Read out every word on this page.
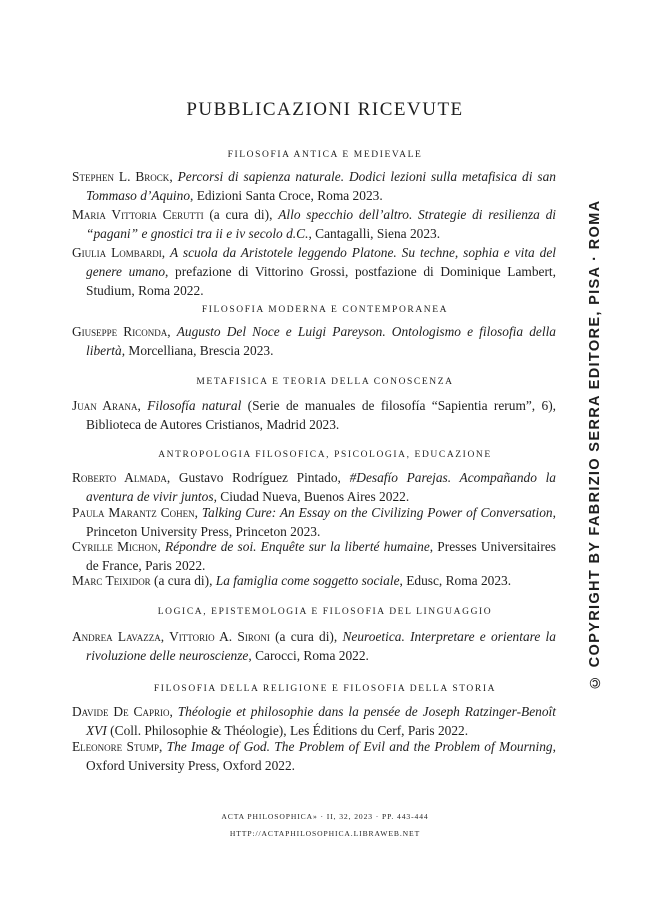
PUBBLICAZIONI RICEVUTE
FILOSOFIA ANTICA E MEDIEVALE
Stephen L. Brock, Percorsi di sapienza naturale. Dodici lezioni sulla metafisica di san Tommaso d’Aquino, Edizioni Santa Croce, Roma 2023.
Maria Vittoria Cerutti (a cura di), Allo specchio dell’altro. Strategie di resilienza di “pagani” e gnostici tra ii e iv secolo d.C., Cantagalli, Siena 2023.
Giulia Lombardi, A scuola da Aristotele leggendo Platone. Su techne, sophia e vita del genere umano, prefazione di Vittorino Grossi, postfazione di Dominique Lambert, Studium, Roma 2022.
FILOSOFIA MODERNA E CONTEMPORANEA
Giuseppe Riconda, Augusto Del Noce e Luigi Pareyson. Ontologismo e filosofia della libertà, Morcelliana, Brescia 2023.
METAFISICA E TEORIA DELLA CONOSCENZA
Juan Arana, Filosofía natural (Serie de manuales de filosofía “Sapientia rerum”, 6), Biblioteca de Autores Cristianos, Madrid 2023.
ANTROPOLOGIA FILOSOFICA, PSICOLOGIA, EDUCAZIONE
Roberto Almada, Gustavo Rodríguez Pintado, #Desafío Parejas. Acompañando la aventura de vivir juntos, Ciudad Nueva, Buenos Aires 2022.
Paula Marantz Cohen, Talking Cure: An Essay on the Civilizing Power of Conversation, Princeton University Press, Princeton 2023.
Cyrille Michon, Répondre de soi. Enquête sur la liberté humaine, Presses Universitaires de France, Paris 2022.
Marc Teixidor (a cura di), La famiglia come soggetto sociale, Edusc, Roma 2023.
LOGICA, EPISTEMOLOGIA E FILOSOFIA DEL LINGUAGGIO
Andrea Lavazza, Vittorio A. Sironi (a cura di), Neuroetica. Interpretare e orientare la rivoluzione delle neuroscienze, Carocci, Roma 2022.
FILOSOFIA DELLA RELIGIONE E FILOSOFIA DELLA STORIA
Davide De Caprio, Théologie et philosophie dans la pensée de Joseph Ratzinger-Benoît XVI (Coll. Philosophie & Théologie), Les Éditions du Cerf, Paris 2022.
Eleonore Stump, The Image of God. The Problem of Evil and the Problem of Mourning, Oxford University Press, Oxford 2022.
ACTA PHILOSOPHICA» · II, 32, 2023 · PP. 443-444
HTTP://ACTAPHILOSOPHICA.LIBRAWEB.NET
© COPYRIGHT BY FABRIZIO SERRA EDITORE, PISA · ROMA
